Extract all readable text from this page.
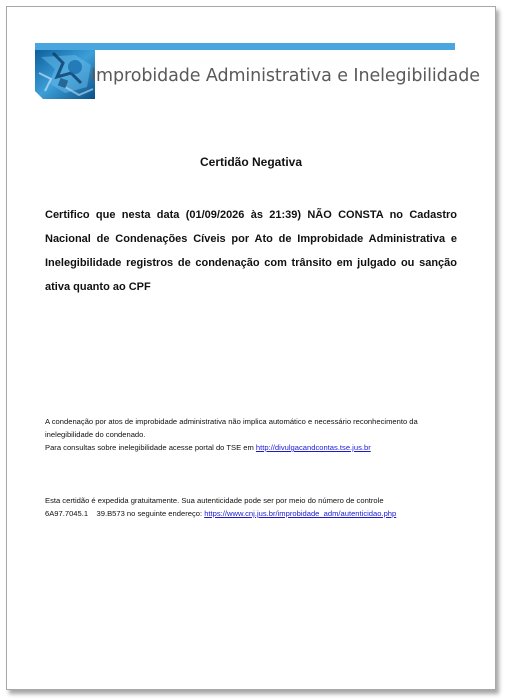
Improbidade Administrativa e Inelegibilidade
Certidão Negativa
Certifico que nesta data (01/09/2026 às 21:39) NÃO CONSTA no Cadastro Nacional de Condenações Cíveis por Ato de Improbidade Administrativa e Inelegibilidade registros de condenação com trânsito em julgado ou sanção ativa quanto ao CPF
A condenação por atos de improbidade administrativa não implica automático e necessário reconhecimento da inelegibilidade do condenado.
Para consultas sobre inelegibilidade acesse portal do TSE em http://divulgacandcontas.tse.jus.br
Esta certidão é expedida gratuitamente. Sua autenticidade pode ser por meio do número de controle
6A97.7045.1    39.B573 no seguinte endereço: https://www.cnj.jus.br/improbidade_adm/autenticidao.php
